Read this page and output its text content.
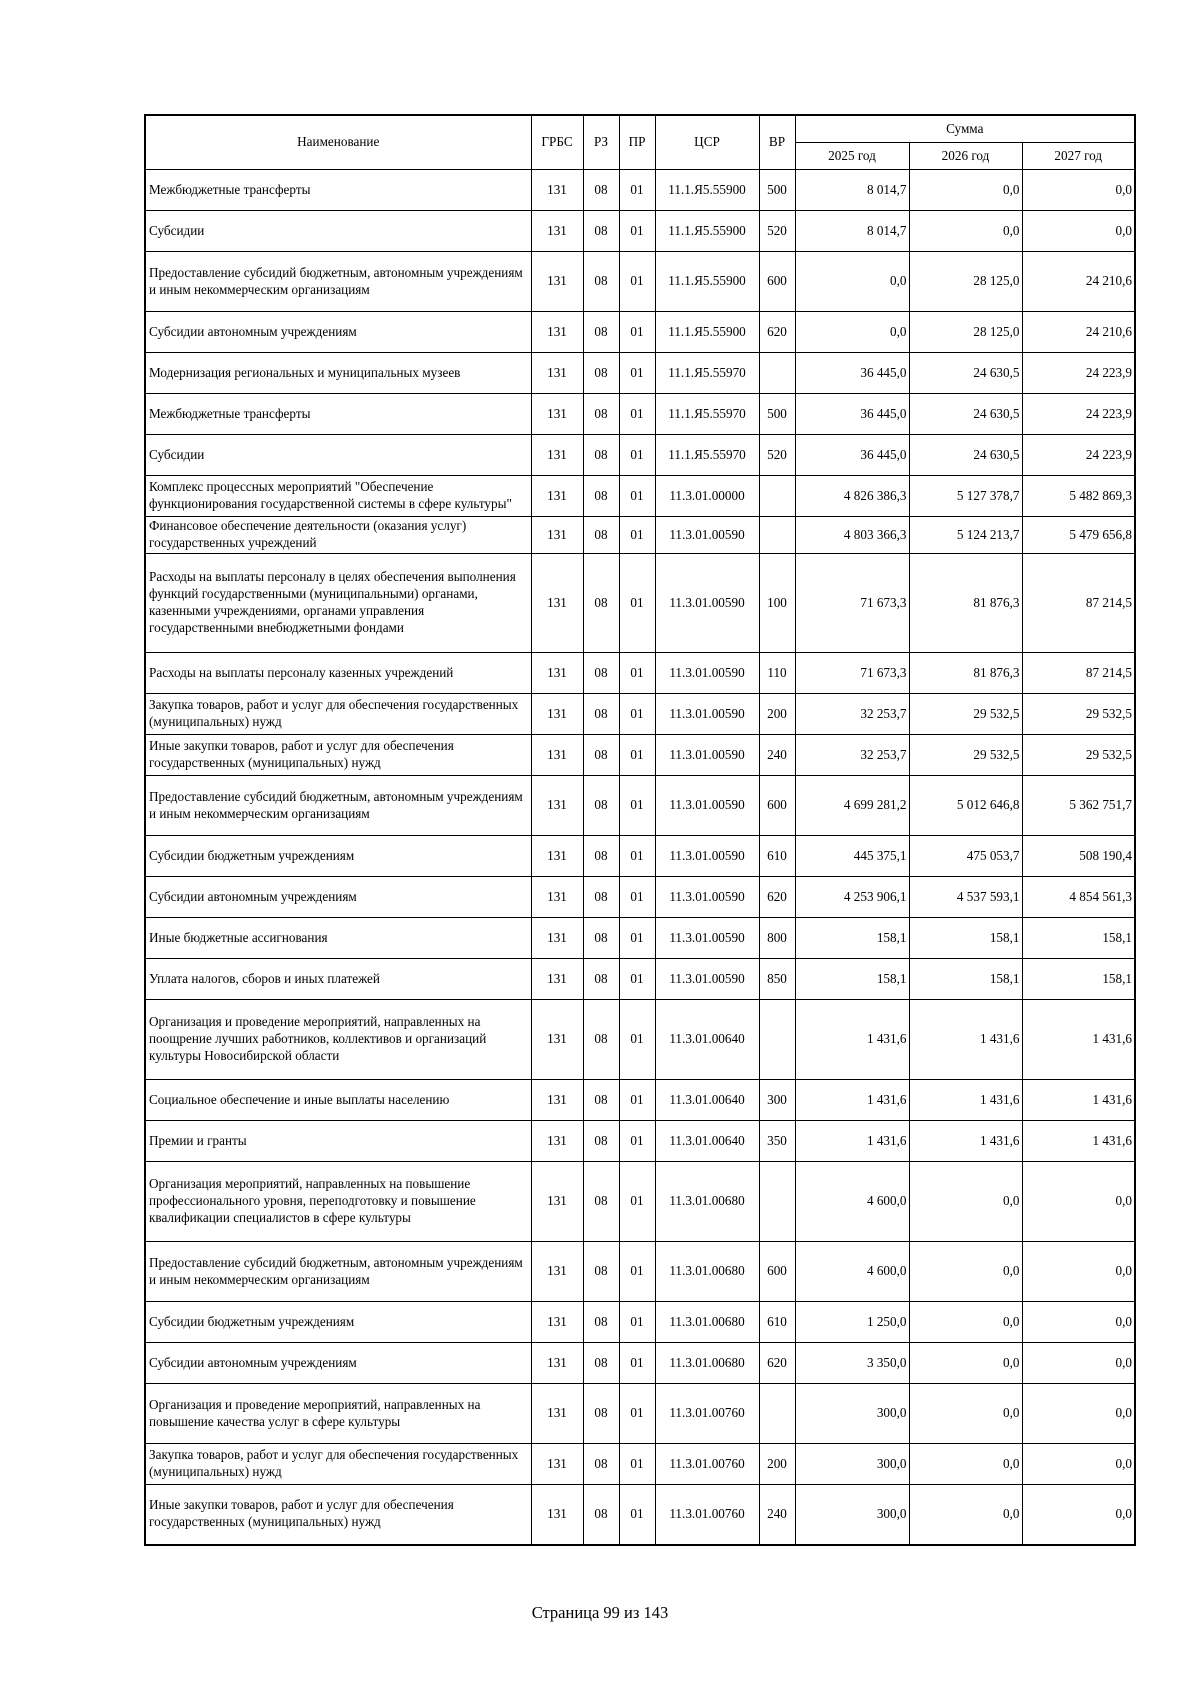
Наименование	ГРБС	РЗ	ПР	ЦСР	ВР	Сумма		
						2025 год	2026 год	2027 год
Межбюджетные трансферты	131	08	01	11.1.Я5.55900	500	8 014,7	0,0	0,0
Субсидии	131	08	01	11.1.Я5.55900	520	8 014,7	0,0	0,0
Предоставление субсидий бюджетным, автономным учреждениям и иным некоммерческим организациям	131	08	01	11.1.Я5.55900	600	0,0	28 125,0	24 210,6
Субсидии автономным учреждениям	131	08	01	11.1.Я5.55900	620	0,0	28 125,0	24 210,6
Модернизация региональных и муниципальных музеев	131	08	01	11.1.Я5.55970		36 445,0	24 630,5	24 223,9
Межбюджетные трансферты	131	08	01	11.1.Я5.55970	500	36 445,0	24 630,5	24 223,9
Субсидии	131	08	01	11.1.Я5.55970	520	36 445,0	24 630,5	24 223,9
Комплекс процессных мероприятий "Обеспечение функционирования государственной системы в сфере культуры"	131	08	01	11.3.01.00000		4 826 386,3	5 127 378,7	5 482 869,3
Финансовое обеспечение деятельности (оказания услуг) государственных учреждений	131	08	01	11.3.01.00590		4 803 366,3	5 124 213,7	5 479 656,8
Расходы на выплаты персоналу в целях обеспечения выполнения функций государственными (муниципальными) органами, казенными учреждениями, органами управления государственными внебюджетными фондами	131	08	01	11.3.01.00590	100	71 673,3	81 876,3	87 214,5
Расходы на выплаты персоналу казенных учреждений	131	08	01	11.3.01.00590	110	71 673,3	81 876,3	87 214,5
Закупка товаров, работ и услуг для обеспечения государственных (муниципальных) нужд	131	08	01	11.3.01.00590	200	32 253,7	29 532,5	29 532,5
Иные закупки товаров, работ и услуг для обеспечения государственных (муниципальных) нужд	131	08	01	11.3.01.00590	240	32 253,7	29 532,5	29 532,5
Предоставление субсидий бюджетным, автономным учреждениям и иным некоммерческим организациям	131	08	01	11.3.01.00590	600	4 699 281,2	5 012 646,8	5 362 751,7
Субсидии бюджетным учреждениям	131	08	01	11.3.01.00590	610	445 375,1	475 053,7	508 190,4
Субсидии автономным учреждениям	131	08	01	11.3.01.00590	620	4 253 906,1	4 537 593,1	4 854 561,3
Иные бюджетные ассигнования	131	08	01	11.3.01.00590	800	158,1	158,1	158,1
Уплата налогов, сборов и иных платежей	131	08	01	11.3.01.00590	850	158,1	158,1	158,1
Организация и проведение мероприятий, направленных на поощрение лучших работников, коллективов и организаций культуры Новосибирской области	131	08	01	11.3.01.00640		1 431,6	1 431,6	1 431,6
Социальное обеспечение и иные выплаты населению	131	08	01	11.3.01.00640	300	1 431,6	1 431,6	1 431,6
Премии и гранты	131	08	01	11.3.01.00640	350	1 431,6	1 431,6	1 431,6
Организация мероприятий, направленных на повышение профессионального уровня, переподготовку и повышение квалификации специалистов в сфере культуры	131	08	01	11.3.01.00680		4 600,0	0,0	0,0
Предоставление субсидий бюджетным, автономным учреждениям и иным некоммерческим организациям	131	08	01	11.3.01.00680	600	4 600,0	0,0	0,0
Субсидии бюджетным учреждениям	131	08	01	11.3.01.00680	610	1 250,0	0,0	0,0
Субсидии автономным учреждениям	131	08	01	11.3.01.00680	620	3 350,0	0,0	0,0
Организация и проведение мероприятий, направленных на повышение качества услуг в сфере культуры	131	08	01	11.3.01.00760		300,0	0,0	0,0
Закупка товаров, работ и услуг для обеспечения государственных (муниципальных) нужд	131	08	01	11.3.01.00760	200	300,0	0,0	0,0
Иные закупки товаров, работ и услуг для обеспечения государственных (муниципальных) нужд	131	08	01	11.3.01.00760	240	300,0	0,0	0,0
Страница 99 из 143
